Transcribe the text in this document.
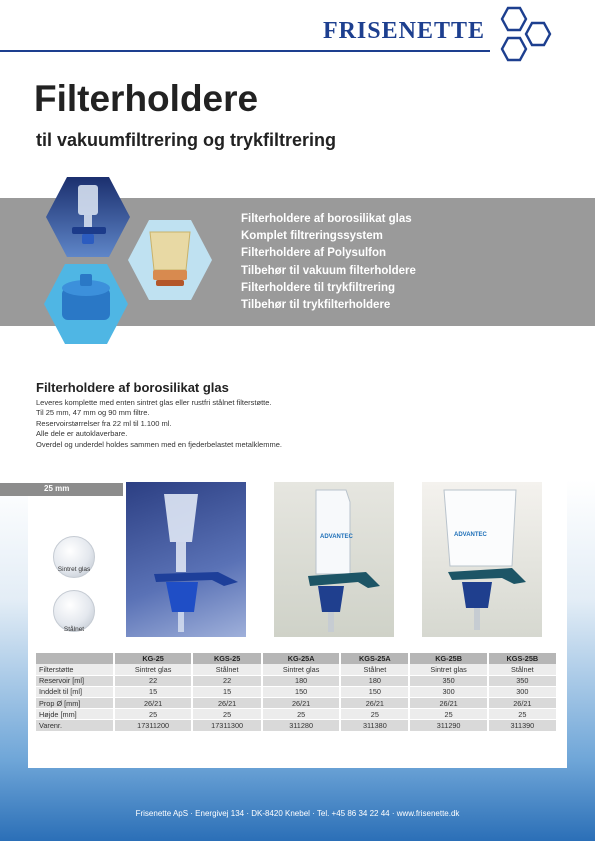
FRISENETTE
Filterholdere
til vakuumfiltrering og trykfiltrering
Filterholdere af borosilikat glas
Komplet filtreringssystem
Filterholdere af Polysulfon
Tilbehør til vakuum filterholdere
Filterholdere til trykfiltrering
Tilbehør til trykfilterholdere
Filterholdere af borosilikat glas
Leveres komplette med enten sintret glas eller rustfri stålnet filterstøtte.
Til 25 mm, 47 mm og 90 mm filtre.
Reservoirstørrelser fra 22 ml til 1.100 ml.
Alle dele er autoklaverbare.
Overdel og underdel holdes sammen med en fjederbelastet metalklemme.
25 mm
Sintret glas
Stålnet
ADVANTEC	ADVANTEC
	KG-25	KGS-25	KG-25A	KGS-25A	KG-25B	KGS-25B
Filterstøtte	Sintret glas	Stålnet	Sintret glas	Stålnet	Sintret glas	Stålnet
Reservoir [ml]	22	22	180	180	350	350
Inddelt til [ml]	15	15	150	150	300	300
Prop Ø [mm]	26/21	26/21	26/21	26/21	26/21	26/21
Højde [mm]	25	25	25	25	25	25
Varenr.	17311200	17311300	311280	311380	311290	311390
Frisenette ApS · Energivej 134 · DK-8420 Knebel · Tel. +45 86 34 22 44 · www.frisenette.dk
